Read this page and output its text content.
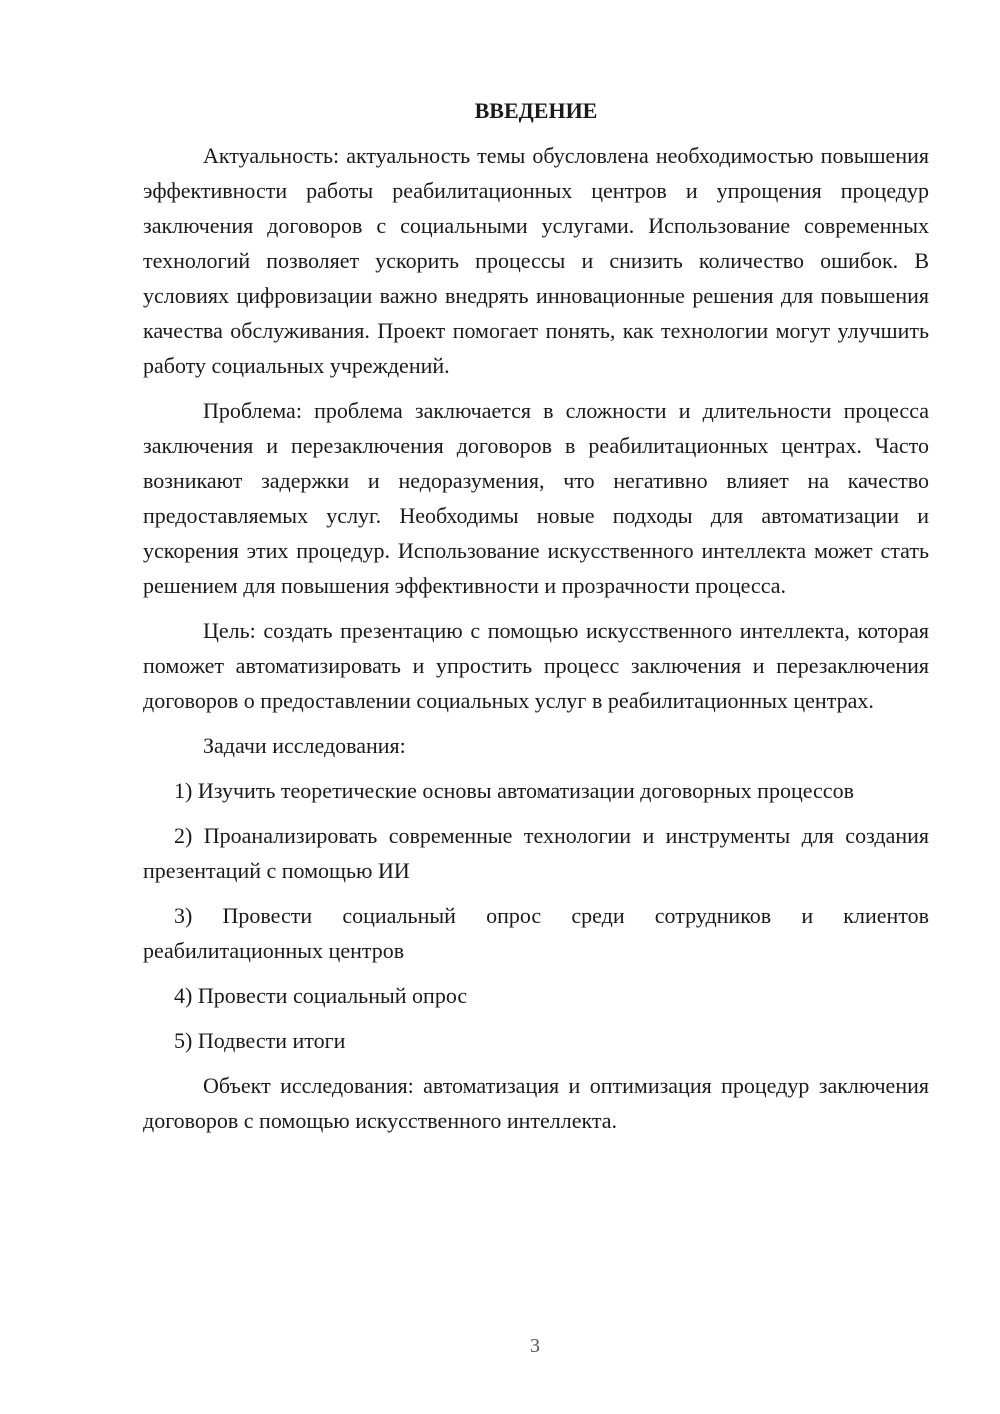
ВВЕДЕНИЕ

Актуальность: актуальность темы обусловлена необходимостью повышения эффективности работы реабилитационных центров и упрощения процедур заключения договоров с социальными услугами. Использование современных технологий позволяет ускорить процессы и снизить количество ошибок. В условиях цифровизации важно внедрять инновационные решения для повышения качества обслуживания. Проект помогает понять, как технологии могут улучшить работу социальных учреждений.

Проблема: проблема заключается в сложности и длительности процесса заключения и перезаключения договоров в реабилитационных центрах. Часто возникают задержки и недоразумения, что негативно влияет на качество предоставляемых услуг. Необходимы новые подходы для автоматизации и ускорения этих процедур. Использование искусственного интеллекта может стать решением для повышения эффективности и прозрачности процесса.

Цель: создать презентацию с помощью искусственного интеллекта, которая поможет автоматизировать и упростить процесс заключения и перезаключения договоров о предоставлении социальных услуг в реабилитационных центрах.

Задачи исследования:

1) Изучить теоретические основы автоматизации договорных процессов

2) Проанализировать современные технологии и инструменты для создания презентаций с помощью ИИ

3) Провести социальный опрос среди сотрудников и клиентов реабилитационных центров

4) Провести социальный опрос

5) Подвести итоги

Объект исследования: автоматизация и оптимизация процедур заключения договоров с помощью искусственного интеллекта.

3
